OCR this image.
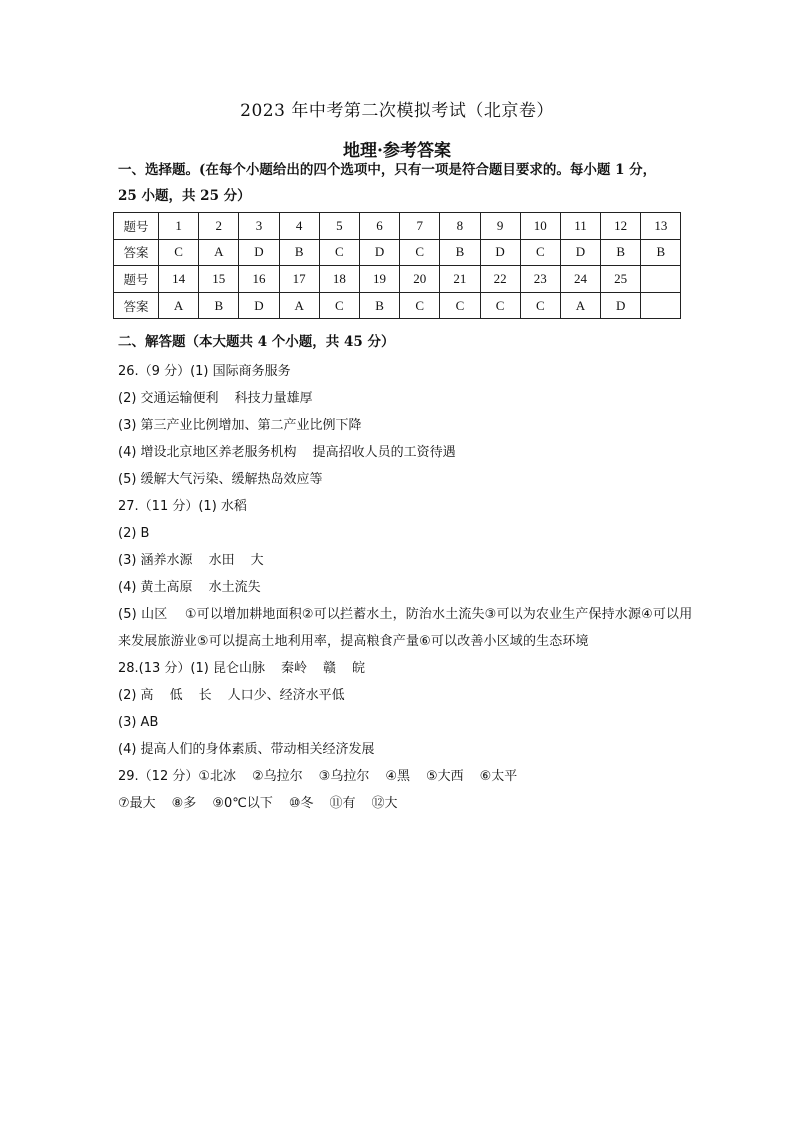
2023 年中考第二次模拟考试（北京卷）
地理·参考答案
一、选择题。(在每个小题给出的四个选项中，只有一项是符合题目要求的。每小题 1 分，
25 小题，共 25 分）
题号	1	2	3	4	5	6	7	8	9	10	11	12	13
答案	C	A	D	B	C	D	C	B	D	C	D	B	B
题号	14	15	16	17	18	19	20	21	22	23	24	25	
答案	A	B	D	A	C	B	C	C	C	C	A	D	
二、解答题（本大题共 4 个小题，共 45 分）
26.（9 分）(1) 国际商务服务
(2) 交通运输便利 科技力量雄厚
(3) 第三产业比例增加、第二产业比例下降
(4) 增设北京地区养老服务机构 提高招收人员的工资待遇
(5) 缓解大气污染、缓解热岛效应等
27.（11 分）(1) 水稻
(2) B
(3) 涵养水源 水田 大
(4) 黄土高原 水土流失
(5) 山区　 ①可以增加耕地面积②可以拦蓄水土，防治水土流失③可以为农业生产保持水源④可以用来发展旅游业⑤可以提高土地利用率，提高粮食产量⑥可以改善小区域的生态环境
28.(13 分）(1) 昆仑山脉 秦岭 赣 皖
(2) 高 低 长 人口少、经济水平低
(3) AB
(4) 提高人们的身体素质、带动相关经济发展
29.（12 分）①北冰 ②乌拉尔 ③乌拉尔 ④黑 ⑤大西 ⑥太平
⑦最大 ⑧多 ⑨0℃以下 ⑩冬 ⑪有 ⑫大
